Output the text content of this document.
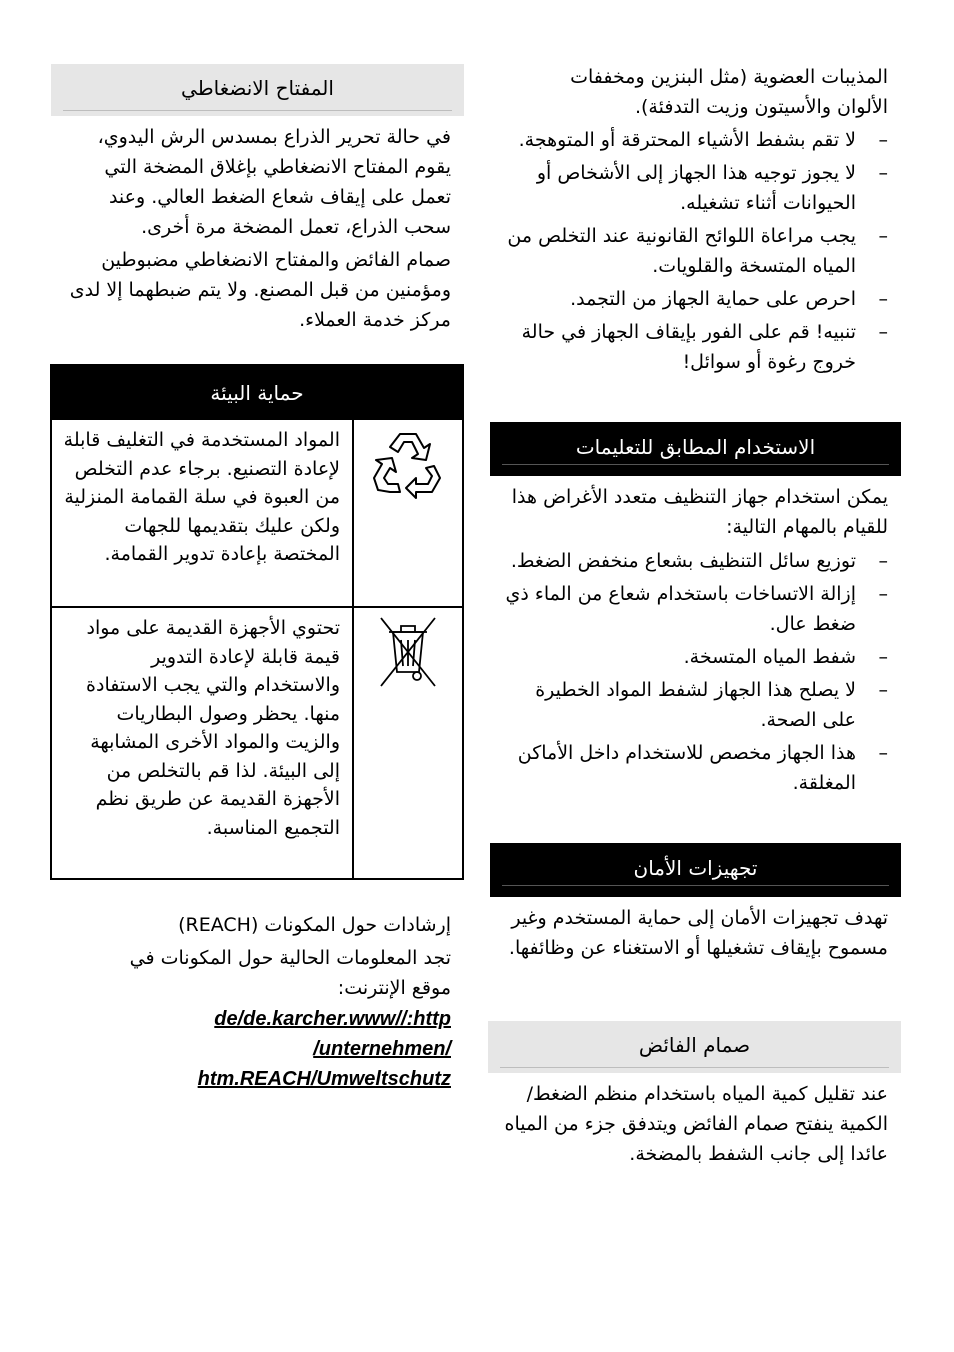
المذيبات العضوية (مثل البنزين ومخففات الألوان والأسيتون وزيت التدفئة).

– لا تقم بشفط الأشياء المحترقة أو المتوهجة.
– لا يجوز توجيه هذا الجهاز إلى الأشخاص أو الحيوانات أثناء تشغيله.
– يجب مراعاة اللوائح القانونية عند التخلص من المياه المتسخة والقلويات.
– احرص على حماية الجهاز من التجمد.
– تنبيه! قم على الفور بإيقاف الجهاز في حالة خروج رغوة أو سوائل!
الاستخدام المطابق للتعليمات

يمكن استخدام جهاز التنظيف متعدد الأغراض هذا للقيام بالمهام التالية:

– توزيع سائل التنظيف بشعاع منخفض الضغط.
– إزالة الاتساخات باستخدام شعاع من الماء ذي ضغط عال.
– شفط المياه المتسخة.
– لا يصلح هذا الجهاز لشفط المواد الخطيرة على الصحة.
– هذا الجهاز مخصص للاستخدام داخل الأماكن المغلقة.
تجهيزات الأمان

تهدف تجهيزات الأمان إلى حماية المستخدم وغير مسموح بإيقاف تشغيلها أو الاستغناء عن وظائفها.

صمام الفائض

عند تقليل كمية المياه باستخدام منظم الضغط/الكمية ينفتح صمام الفائض ويتدفق جزء من المياه عائدا إلى جانب الشفط بالمضخة.

المفتاح الانضغاطي

في حالة تحرير الذراع بمسدس الرش اليدوي، يقوم المفتاح الانضغاطي بإغلاق المضخة التي تعمل على إيقاف شعاع الضغط العالي. وعند سحب الذراع، تعمل المضخة مرة أخرى.

صمام الفائض والمفتاح الانضغاطي مضبوطين ومؤمنين من قبل المصنع. ولا يتم ضبطهما إلا لدى مركز خدمة العملاء.

حماية البيئة
المواد المستخدمة في التغليف قابلة لإعادة التصنيع. برجاء عدم التخلص من العبوة في سلة القمامة المنزلية ولكن عليك بتقديمها للجهات المختصة بإعادة تدوير القمامة.
تحتوي الأجهزة القديمة على مواد قيمة قابلة لإعادة التدوير والاستخدام والتي يجب الاستفادة منها. يحظر وصول البطاريات والزيت والمواد الأخرى المشابهة إلى البيئة. لذا قم بالتخلص من الأجهزة القديمة عن طريق نظم التجميع المناسبة.
إرشادات حول المكونات (REACH)

تجد المعلومات الحالية حول المكونات في موقع الإنترنت:

de/de.karcher.www//:http
/unternehmen/
htm.REACH/Umweltschutz
